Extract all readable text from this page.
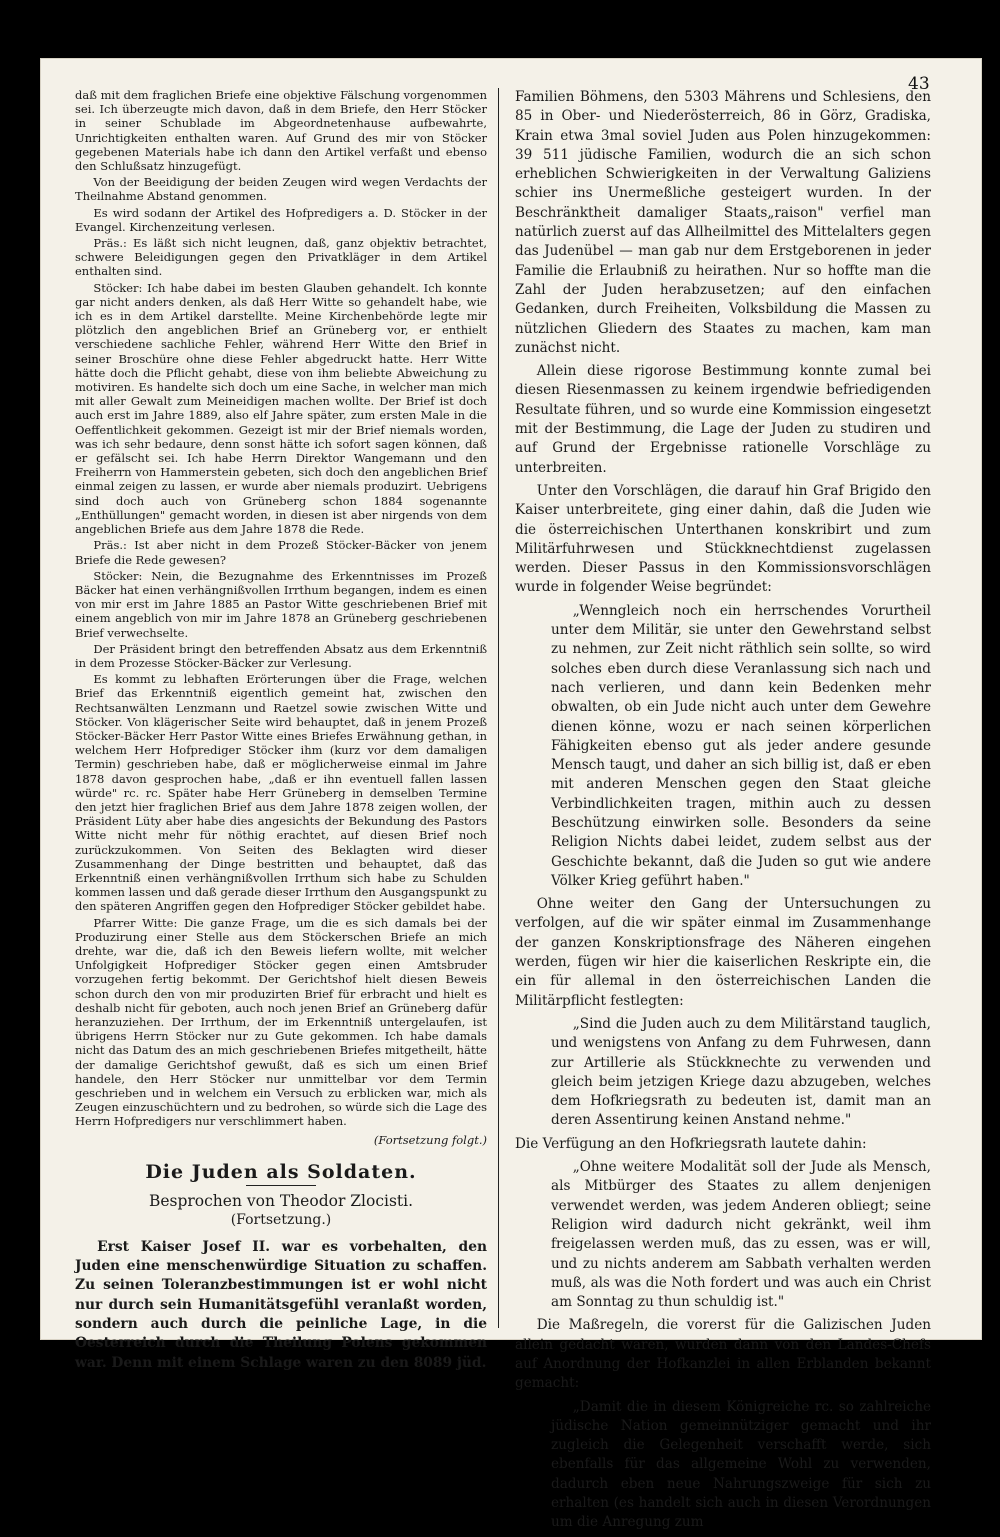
43

daß mit dem fraglichen Briefe eine objektive Fälschung vorgenommen sei. Ich überzeugte mich davon, daß in dem Briefe, den Herr Stöcker in seiner Schublade im Abgeordnetenhause aufbewahrte, Unrichtigkeiten enthalten waren. Auf Grund des mir von Stöcker gegebenen Materials habe ich dann den Artikel verfaßt und ebenso den Schlußsatz hinzugefügt.

Von der Beeidigung der beiden Zeugen wird wegen Verdachts der Theilnahme Abstand genommen.

Es wird sodann der Artikel des Hofpredigers a. D. Stöcker in der Evangel. Kirchenzeitung verlesen.

Präs.: Es läßt sich nicht leugnen, daß, ganz objektiv betrachtet, schwere Beleidigungen gegen den Privatkläger in dem Artikel enthalten sind.

Stöcker: Ich habe dabei im besten Glauben gehandelt. Ich konnte gar nicht anders denken, als daß Herr Witte so gehandelt habe, wie ich es in dem Artikel darstellte. Meine Kirchenbehörde legte mir plötzlich den angeblichen Brief an Grüneberg vor, er enthielt verschiedene sachliche Fehler, während Herr Witte den Brief in seiner Broschüre ohne diese Fehler abgedruckt hatte. Herr Witte hätte doch die Pflicht gehabt, diese von ihm beliebte Abweichung zu motiviren. Es handelte sich doch um eine Sache, in welcher man mich mit aller Gewalt zum Meineidigen machen wollte. Der Brief ist doch auch erst im Jahre 1889, also elf Jahre später, zum ersten Male in die Oeffentlichkeit gekommen. Gezeigt ist mir der Brief niemals worden, was ich sehr bedaure, denn sonst hätte ich sofort sagen können, daß er gefälscht sei. Ich habe Herrn Direktor Wangemann und den Freiherrn von Hammerstein gebeten, sich doch den angeblichen Brief einmal zeigen zu lassen, er wurde aber niemals produzirt. Uebrigens sind doch auch von Grüneberg schon 1884 sogenannte „Enthüllungen" gemacht worden, in diesen ist aber nirgends von dem angeblichen Briefe aus dem Jahre 1878 die Rede.

Präs.: Ist aber nicht in dem Prozeß Stöcker-Bäcker von jenem Briefe die Rede gewesen?

Stöcker: Nein, die Bezugnahme des Erkenntnisses im Prozeß Bäcker hat einen verhängnißvollen Irrthum begangen, indem es einen von mir erst im Jahre 1885 an Pastor Witte geschriebenen Brief mit einem angeblich von mir im Jahre 1878 an Grüneberg geschriebenen Brief verwechselte.

Der Präsident bringt den betreffenden Absatz aus dem Erkenntniß in dem Prozesse Stöcker-Bäcker zur Verlesung.

Es kommt zu lebhaften Erörterungen über die Frage, welchen Brief das Erkenntniß eigentlich gemeint hat, zwischen den Rechtsanwälten Lenzmann und Raetzel sowie zwischen Witte und Stöcker. Von klägerischer Seite wird behauptet, daß in jenem Prozeß Stöcker-Bäcker Herr Pastor Witte eines Briefes Erwähnung gethan, in welchem Herr Hofprediger Stöcker ihm (kurz vor dem damaligen Termin) geschrieben habe, daß er möglicherweise einmal im Jahre 1878 davon gesprochen habe, „daß er ihn eventuell fallen lassen würde" rc. rc. Später habe Herr Grüneberg in demselben Termine den jetzt hier fraglichen Brief aus dem Jahre 1878 zeigen wollen, der Präsident Lüty aber habe dies angesichts der Bekundung des Pastors Witte nicht mehr für nöthig erachtet, auf diesen Brief noch zurückzukommen. Von Seiten des Beklagten wird dieser Zusammenhang der Dinge bestritten und behauptet, daß das Erkenntniß einen verhängnißvollen Irrthum sich habe zu Schulden kommen lassen und daß gerade dieser Irrthum den Ausgangspunkt zu den späteren Angriffen gegen den Hofprediger Stöcker gebildet habe.

Pfarrer Witte: Die ganze Frage, um die es sich damals bei der Produzirung einer Stelle aus dem Stöckerschen Briefe an mich drehte, war die, daß ich den Beweis liefern wollte, mit welcher Unfolgigkeit Hofprediger Stöcker gegen einen Amtsbruder vorzugehen fertig bekommt. Der Gerichtshof hielt diesen Beweis schon durch den von mir produzirten Brief für erbracht und hielt es deshalb nicht für geboten, auch noch jenen Brief an Grüneberg dafür heranzuziehen. Der Irrthum, der im Erkenntniß untergelaufen, ist übrigens Herrn Stöcker nur zu Gute gekommen. Ich habe damals nicht das Datum des an mich geschriebenen Briefes mitgetheilt, hätte der damalige Gerichtshof gewußt, daß es sich um einen Brief handele, den Herr Stöcker nur unmittelbar vor dem Termin geschrieben und in welchem ein Versuch zu erblicken war, mich als Zeugen einzuschüchtern und zu bedrohen, so würde sich die Lage des Herrn Hofpredigers nur verschlimmert haben.

(Fortsetzung folgt.)

Die Juden als Soldaten.
Besprochen von Theodor Zlocisti.
(Fortsetzung.)

Erst Kaiser Josef II. war es vorbehalten, den Juden eine menschenwürdige Situation zu schaffen. Zu seinen Toleranzbestimmungen ist er wohl nicht nur durch sein Humanitätsgefühl veranlaßt worden, sondern auch durch die peinliche Lage, in die Oesterreich durch die Theilung Polens gekommen war. Denn mit einem Schlage waren zu den 8089 jüd.

Familien Böhmens, den 5303 Mährens und Schlesiens, den 85 in Ober- und Niederösterreich, 86 in Görz, Gradiska, Krain etwa 3mal soviel Juden aus Polen hinzugekommen: 39 511 jüdische Familien, wodurch die an sich schon erheblichen Schwierigkeiten in der Verwaltung Galiziens schier ins Unermeßliche gesteigert wurden. In der Beschränktheit damaliger Staats„raison" verfiel man natürlich zuerst auf das Allheilmittel des Mittelalters gegen das Judenübel — man gab nur dem Erstgeborenen in jeder Familie die Erlaubniß zu heirathen. Nur so hoffte man die Zahl der Juden herabzusetzen; auf den einfachen Gedanken, durch Freiheiten, Volksbildung die Massen zu nützlichen Gliedern des Staates zu machen, kam man zunächst nicht.

Allein diese rigorose Bestimmung konnte zumal bei diesen Riesenmassen zu keinem irgendwie befriedigenden Resultate führen, und so wurde eine Kommission eingesetzt mit der Bestimmung, die Lage der Juden zu studiren und auf Grund der Ergebnisse rationelle Vorschläge zu unterbreiten.

Unter den Vorschlägen, die darauf hin Graf Brigido den Kaiser unterbreitete, ging einer dahin, daß die Juden wie die österreichischen Unterthanen konskribirt und zum Militärfuhrwesen und Stückknechtdienst zugelassen werden. Dieser Passus in den Kommissionsvorschlägen wurde in folgender Weise begründet:

„Wenngleich noch ein herrschendes Vorurtheil unter dem Militär, sie unter den Gewehrstand selbst zu nehmen, zur Zeit nicht räthlich sein sollte, so wird solches eben durch diese Veranlassung sich nach und nach verlieren, und dann kein Bedenken mehr obwalten, ob ein Jude nicht auch unter dem Gewehre dienen könne, wozu er nach seinen körperlichen Fähigkeiten ebenso gut als jeder andere gesunde Mensch taugt, und daher an sich billig ist, daß er eben mit anderen Menschen gegen den Staat gleiche Verbindlichkeiten tragen, mithin auch zu dessen Beschützung einwirken solle. Besonders da seine Religion Nichts dabei leidet, zudem selbst aus der Geschichte bekannt, daß die Juden so gut wie andere Völker Krieg geführt haben."

Ohne weiter den Gang der Untersuchungen zu verfolgen, auf die wir später einmal im Zusammenhange der ganzen Konskriptionsfrage des Näheren eingehen werden, fügen wir hier die kaiserlichen Reskripte ein, die ein für allemal in den österreichischen Landen die Militärpflicht festlegten:

„Sind die Juden auch zu dem Militärstand tauglich, und wenigstens von Anfang zu dem Fuhrwesen, dann zur Artillerie als Stückknechte zu verwenden und gleich beim jetzigen Kriege dazu abzugeben, welches dem Hofkriegsrath zu bedeuten ist, damit man an deren Assentirung keinen Anstand nehme."

Die Verfügung an den Hofkriegsrath lautete dahin:

„Ohne weitere Modalität soll der Jude als Mensch, als Mitbürger des Staates zu allem denjenigen verwendet werden, was jedem Anderen obliegt; seine Religion wird dadurch nicht gekränkt, weil ihm freigelassen werden muß, das zu essen, was er will, und zu nichts anderem am Sabbath verhalten werden muß, als was die Noth fordert und was auch ein Christ am Sonntag zu thun schuldig ist."

Die Maßregeln, die vorerst für die Galizischen Juden allein gedacht waren, wurden dann von den Landes-Chefs auf Anordnung der Hofkanzlei in allen Erblanden bekannt gemacht:

„Damit die in diesem Königreiche rc. so zahlreiche jüdische Nation gemeinnütziger gemacht und ihr zugleich die Gelegenheit verschafft werde, sich ebenfalls für das allgemeine Wohl zu verwenden, dadurch eben neue Nahrungszweige für sich zu erhalten (es handelt sich auch in diesen Verordnungen um die Anregung zum
